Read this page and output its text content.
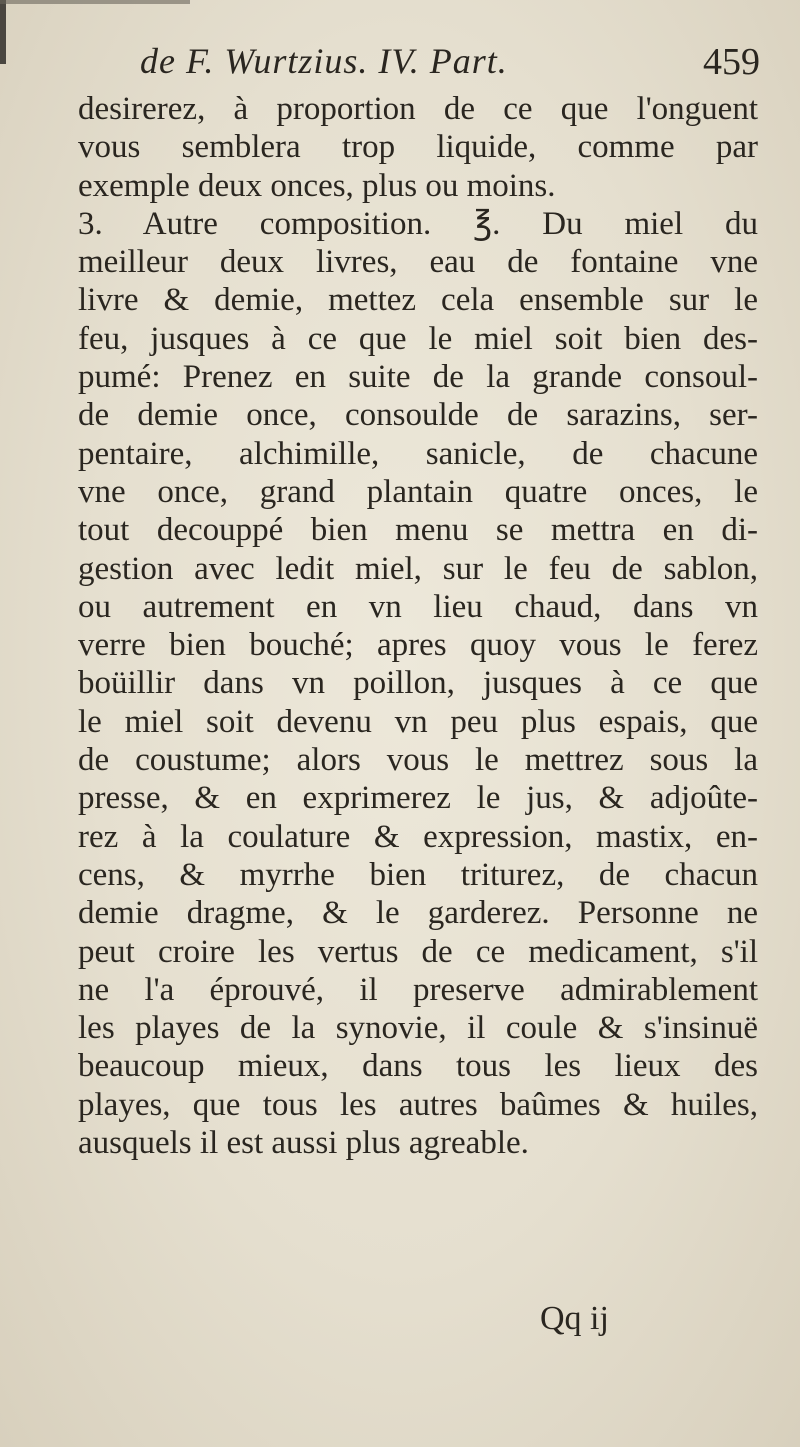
de F. Wurtzius. IV. Part.	459
desirerez, à proportion de ce que l'onguent
vous semblera trop liquide, comme par
exemple deux onces, plus ou moins.
3. Autre composition. ℥. Du miel du
meilleur deux livres, eau de fontaine vne
livre & demie, mettez cela ensemble sur le
feu, jusques à ce que le miel soit bien des-
pumé: Prenez en suite de la grande consoul-
de demie once, consoulde de sarazins, ser-
pentaire, alchimille, sanicle, de chacune
vne once, grand plantain quatre onces, le
tout decouppé bien menu se mettra en di-
gestion avec ledit miel, sur le feu de sablon,
ou autrement en vn lieu chaud, dans vn
verre bien bouché; apres quoy vous le ferez
boüillir dans vn poillon, jusques à ce que
le miel soit devenu vn peu plus espais, que
de coustume; alors vous le mettrez sous la
presse, & en exprimerez le jus, & adjoûte-
rez à la coulature & expression, mastix, en-
cens, & myrrhe bien triturez, de chacun
demie dragme, & le garderez. Personne ne
peut croire les vertus de ce medicament, s'il
ne l'a éprouvé, il preserve admirablement
les playes de la synovie, il coule & s'insinuë
beaucoup mieux, dans tous les lieux des
playes, que tous les autres baûmes & huiles,
ausquels il est aussi plus agreable.
Qq ij
